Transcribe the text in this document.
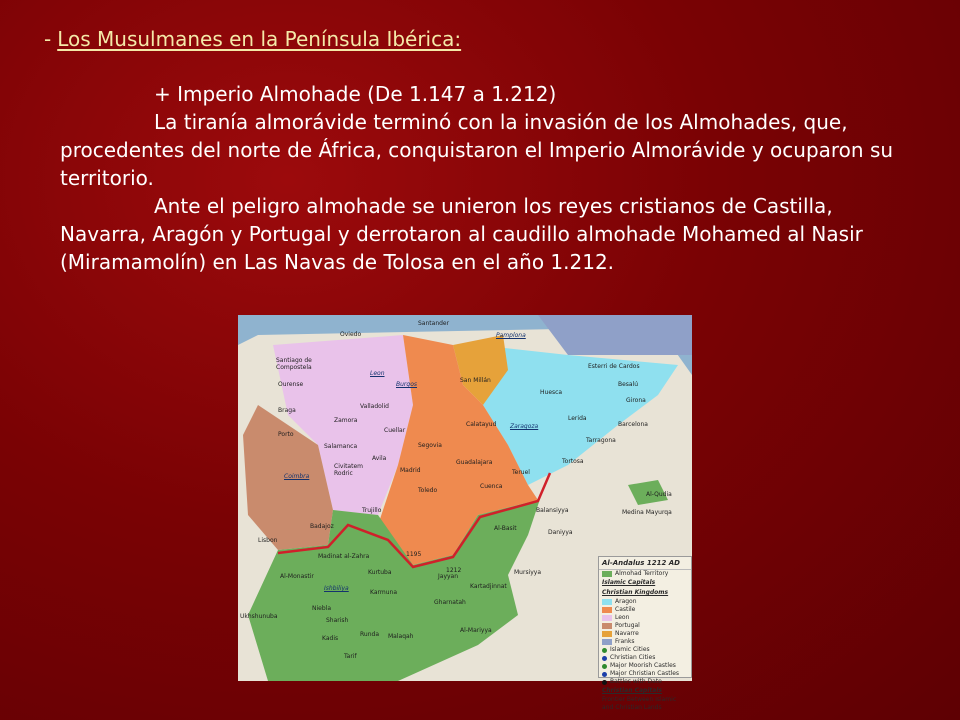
- Los Musulmanes en la Península Ibérica:

+ Imperio Almohade (De 1.147 a 1.212)

La tiranía almorávide terminó con la invasión de los Almohades, que, procedentes del norte de África, conquistaron el Imperio Almorávide y ocuparon su territorio.

Ante el peligro almohade se unieron los reyes cristianos de Castilla, Navarra, Aragón y Portugal y derrotaron al caudillo almohade Mohamed al Nasir (Miramamolín) en Las Navas de Tolosa en el año 1.212.

Oviedo
Santander
Santiago de Compostela
Leon
Burgos
Pamplona
Esterri de Cardos
Ourense
San Millán
Besalú
Valladolid
Huesca
Girona
Braga
Zamora
Porto
Cuellar
Calatayud Zaragoza
Lerida
Barcelona
Salamanca	Segovia
Tarragona
Avila
Guadalajara
Civitatem Rodric	Madrid
Tortosa
Coimbra
Teruel
Toledo
Cuenca
Al-Qudia
Trujillo	Medina Mayurqa
Badajoz
Balansiyya
Lisbon
Al-Basit
Daniyya
Madinat al-Zahra
Kurtuba
Jayyan
Al-Monastir
Kartadjinnat
Ishbiliya
Karmuna
Mursiyya
Niebla
Gharnatah
Ukhshunuba
Sharish
Kadis
Runda Malaqah
Al-Mariyya
Tarif
1195
1212
Al-Andalus 1212 AD
Almohad Territory
Islamic Capitals
Christian Kingdoms
Aragon
Castile
Leon
Portugal
Navarre
Franks
Islamic Cities
Christian Cities
Major Moorish Castles
Major Christian Castles
Battles with Date
Christian Capitals
Frontier Between Islamic and Christian Lands
